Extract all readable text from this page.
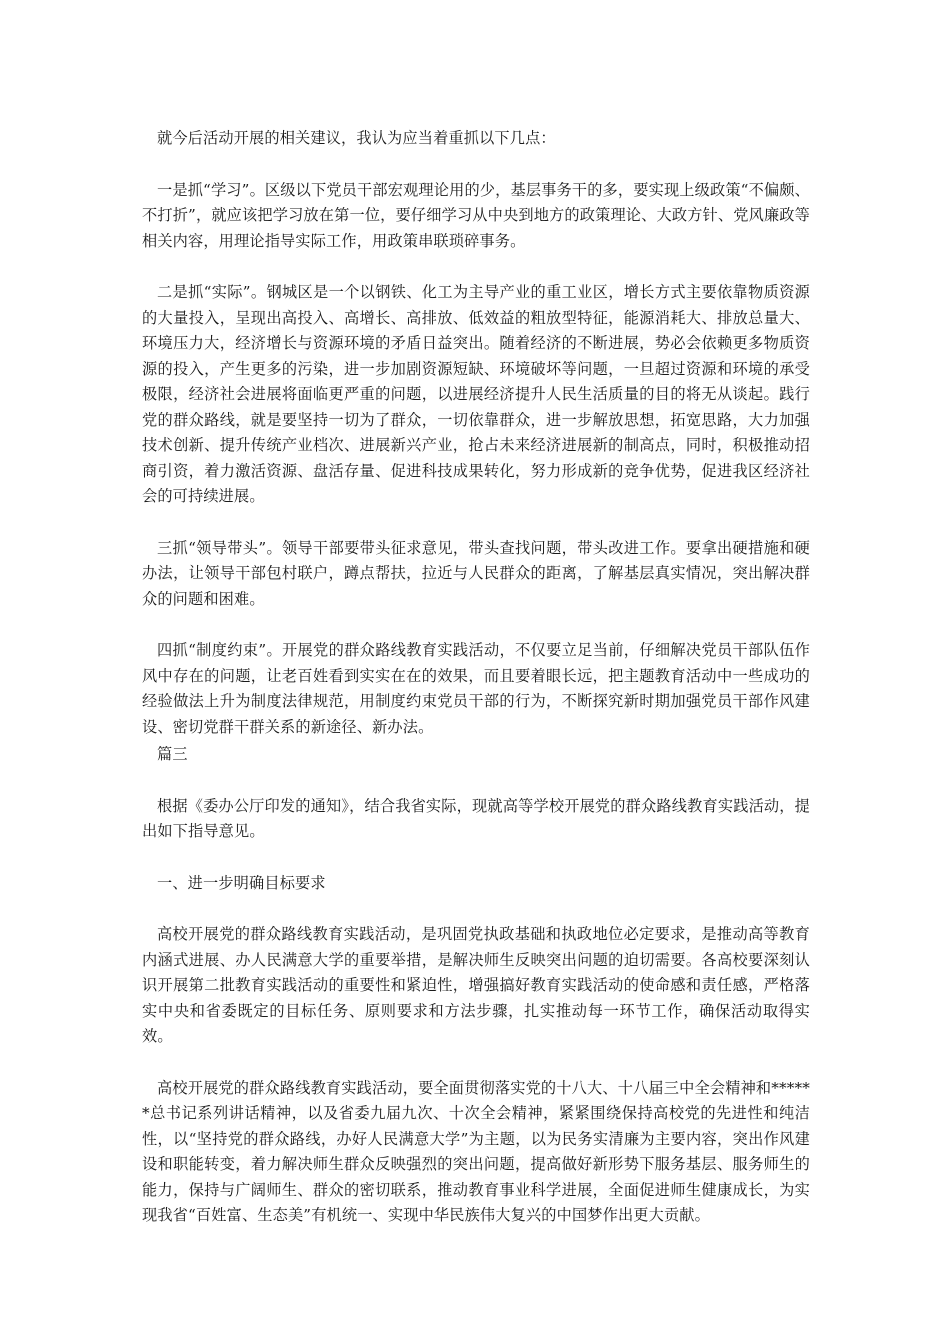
就今后活动开展的相关建议，我认为应当着重抓以下几点：

一是抓“学习”。区级以下党员干部宏观理论用的少，基层事务干的多，要实现上级政策“不偏颇、不打折”，就应该把学习放在第一位，要仔细学习从中央到地方的政策理论、大政方针、党风廉政等相关内容，用理论指导实际工作，用政策串联琐碎事务。

二是抓“实际”。钢城区是一个以钢铁、化工为主导产业的重工业区，增长方式主要依靠物质资源的大量投入，呈现出高投入、高增长、高排放、低效益的粗放型特征，能源消耗大、排放总量大、环境压力大，经济增长与资源环境的矛盾日益突出。随着经济的不断进展，势必会依赖更多物质资源的投入，产生更多的污染，进一步加剧资源短缺、环境破坏等问题，一旦超过资源和环境的承受极限，经济社会进展将面临更严重的问题，以进展经济提升人民生活质量的目的将无从谈起。践行党的群众路线，就是要坚持一切为了群众，一切依靠群众，进一步解放思想，拓宽思路，大力加强技术创新、提升传统产业档次、进展新兴产业，抢占未来经济进展新的制高点，同时，积极推动招商引资，着力激活资源、盘活存量、促进科技成果转化，努力形成新的竞争优势，促进我区经济社会的可持续进展。

三抓“领导带头”。领导干部要带头征求意见，带头查找问题，带头改进工作。要拿出硬措施和硬办法，让领导干部包村联户，蹲点帮扶，拉近与人民群众的距离，了解基层真实情况，突出解决群众的问题和困难。

四抓“制度约束”。开展党的群众路线教育实践活动，不仅要立足当前，仔细解决党员干部队伍作风中存在的问题，让老百姓看到实实在在的效果，而且要着眼长远，把主题教育活动中一些成功的经验做法上升为制度法律规范，用制度约束党员干部的行为，不断探究新时期加强党员干部作风建设、密切党群干群关系的新途径、新办法。

篇三

根据《委办公厅印发的通知》，结合我省实际，现就高等学校开展党的群众路线教育实践活动，提出如下指导意见。

一、进一步明确目标要求

高校开展党的群众路线教育实践活动，是巩固党执政基础和执政地位必定要求，是推动高等教育内涵式进展、办人民满意大学的重要举措，是解决师生反映突出问题的迫切需要。各高校要深刻认识开展第二批教育实践活动的重要性和紧迫性，增强搞好教育实践活动的使命感和责任感，严格落实中央和省委既定的目标任务、原则要求和方法步骤，扎实推动每一环节工作，确保活动取得实效。

高校开展党的群众路线教育实践活动，要全面贯彻落实党的十八大、十八届三中全会精神和******总书记系列讲话精神，以及省委九届九次、十次全会精神，紧紧围绕保持高校党的先进性和纯洁性，以“坚持党的群众路线，办好人民满意大学”为主题，以为民务实清廉为主要内容，突出作风建设和职能转变，着力解决师生群众反映强烈的突出问题，提高做好新形势下服务基层、服务师生的能力，保持与广阔师生、群众的密切联系，推动教育事业科学进展，全面促进师生健康成长，为实现我省“百姓富、生态美”有机统一、实现中华民族伟大复兴的中国梦作出更大贡献。
